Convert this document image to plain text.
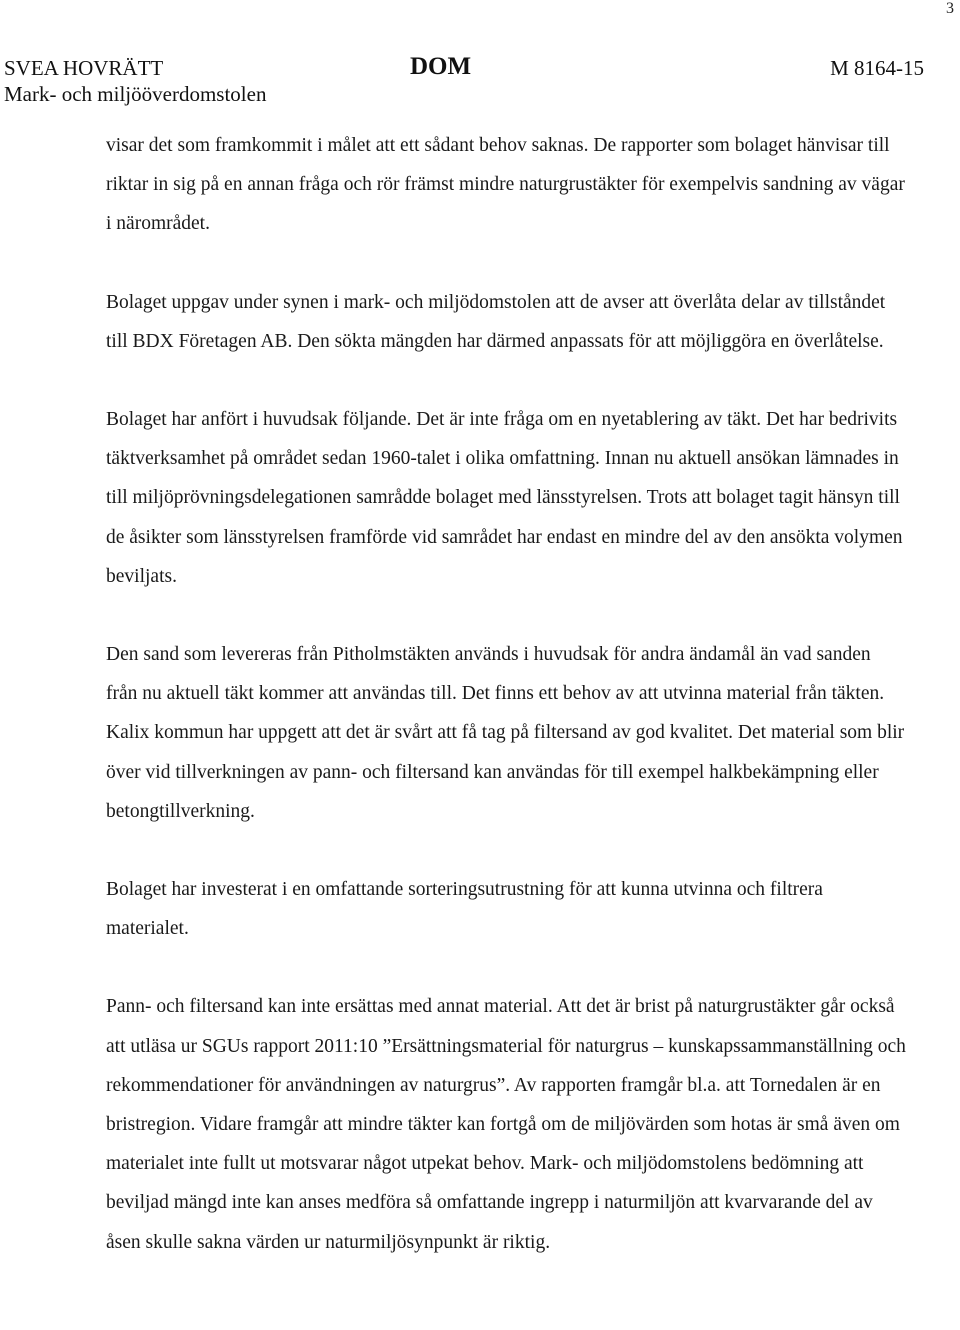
3
SVEA HOVRÄTT
Mark- och miljööverdomstolen
DOM	M 8164-15

visar det som framkommit i målet att ett sådant behov saknas. De rapporter som bolaget hänvisar till riktar in sig på en annan fråga och rör främst mindre naturgrustäkter för exempelvis sandning av vägar i närområdet.

Bolaget uppgav under synen i mark- och miljödomstolen att de avser att överlåta delar av tillståndet till BDX Företagen AB. Den sökta mängden har därmed anpassats för att möjliggöra en överlåtelse.

Bolaget har anfört i huvudsak följande. Det är inte fråga om en nyetablering av täkt. Det har bedrivits täktverksamhet på området sedan 1960-talet i olika omfattning. Innan nu aktuell ansökan lämnades in till miljöprövningsdelegationen samrådde bolaget med länsstyrelsen. Trots att bolaget tagit hänsyn till de åsikter som länsstyrelsen framförde vid samrådet har endast en mindre del av den ansökta volymen beviljats.

Den sand som levereras från Pitholmstäkten används i huvudsak för andra ändamål än vad sanden från nu aktuell täkt kommer att användas till. Det finns ett behov av att utvinna material från täkten. Kalix kommun har uppgett att det är svårt att få tag på filtersand av god kvalitet. Det material som blir över vid tillverkningen av pann- och filtersand kan användas för till exempel halkbekämpning eller betongtillverkning.

Bolaget har investerat i en omfattande sorteringsutrustning för att kunna utvinna och filtrera materialet.

Pann- och filtersand kan inte ersättas med annat material. Att det är brist på naturgrustäkter går också att utläsa ur SGUs rapport 2011:10 ”Ersättningsmaterial för naturgrus – kunskapssammanställning och rekommendationer för användningen av naturgrus”. Av rapporten framgår bl.a. att Tornedalen är en bristregion. Vidare framgår att mindre täkter kan fortgå om de miljövärden som hotas är små även om materialet inte fullt ut motsvarar något utpekat behov. Mark- och miljödomstolens bedömning att beviljad mängd inte kan anses medföra så omfattande ingrepp i naturmiljön att kvarvarande del av åsen skulle sakna värden ur naturmiljösynpunkt är riktig.
